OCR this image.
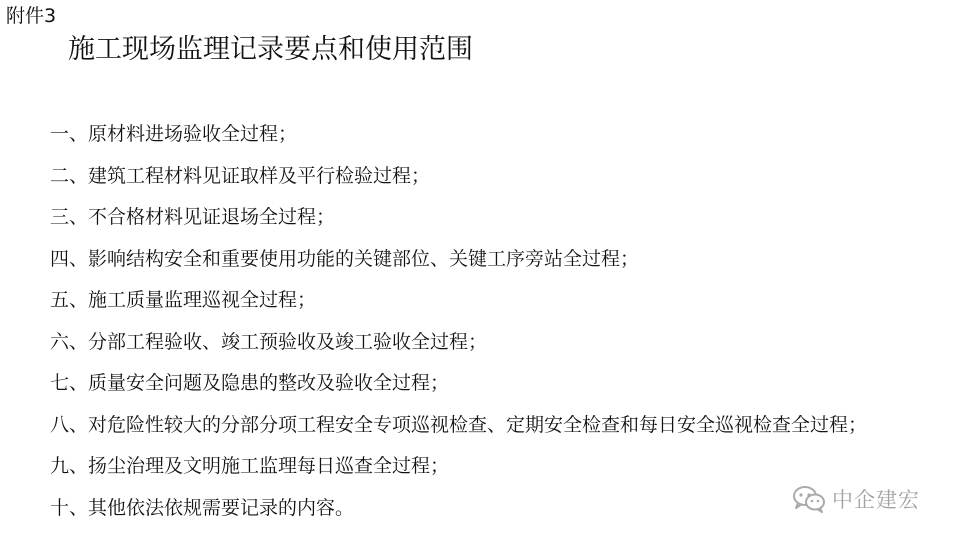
附件3
施工现场监理记录要点和使用范围
一、原材料进场验收全过程；
二、建筑工程材料见证取样及平行检验过程；
三、不合格材料见证退场全过程；
四、影响结构安全和重要使用功能的关键部位、关键工序旁站全过程；
五、施工质量监理巡视全过程；
六、分部工程验收、竣工预验收及竣工验收全过程；
七、质量安全问题及隐患的整改及验收全过程；
八、对危险性较大的分部分项工程安全专项巡视检查、定期安全检查和每日安全巡视检查全过程；
九、扬尘治理及文明施工监理每日巡查全过程；
十、其他依法依规需要记录的内容。	中企建宏
